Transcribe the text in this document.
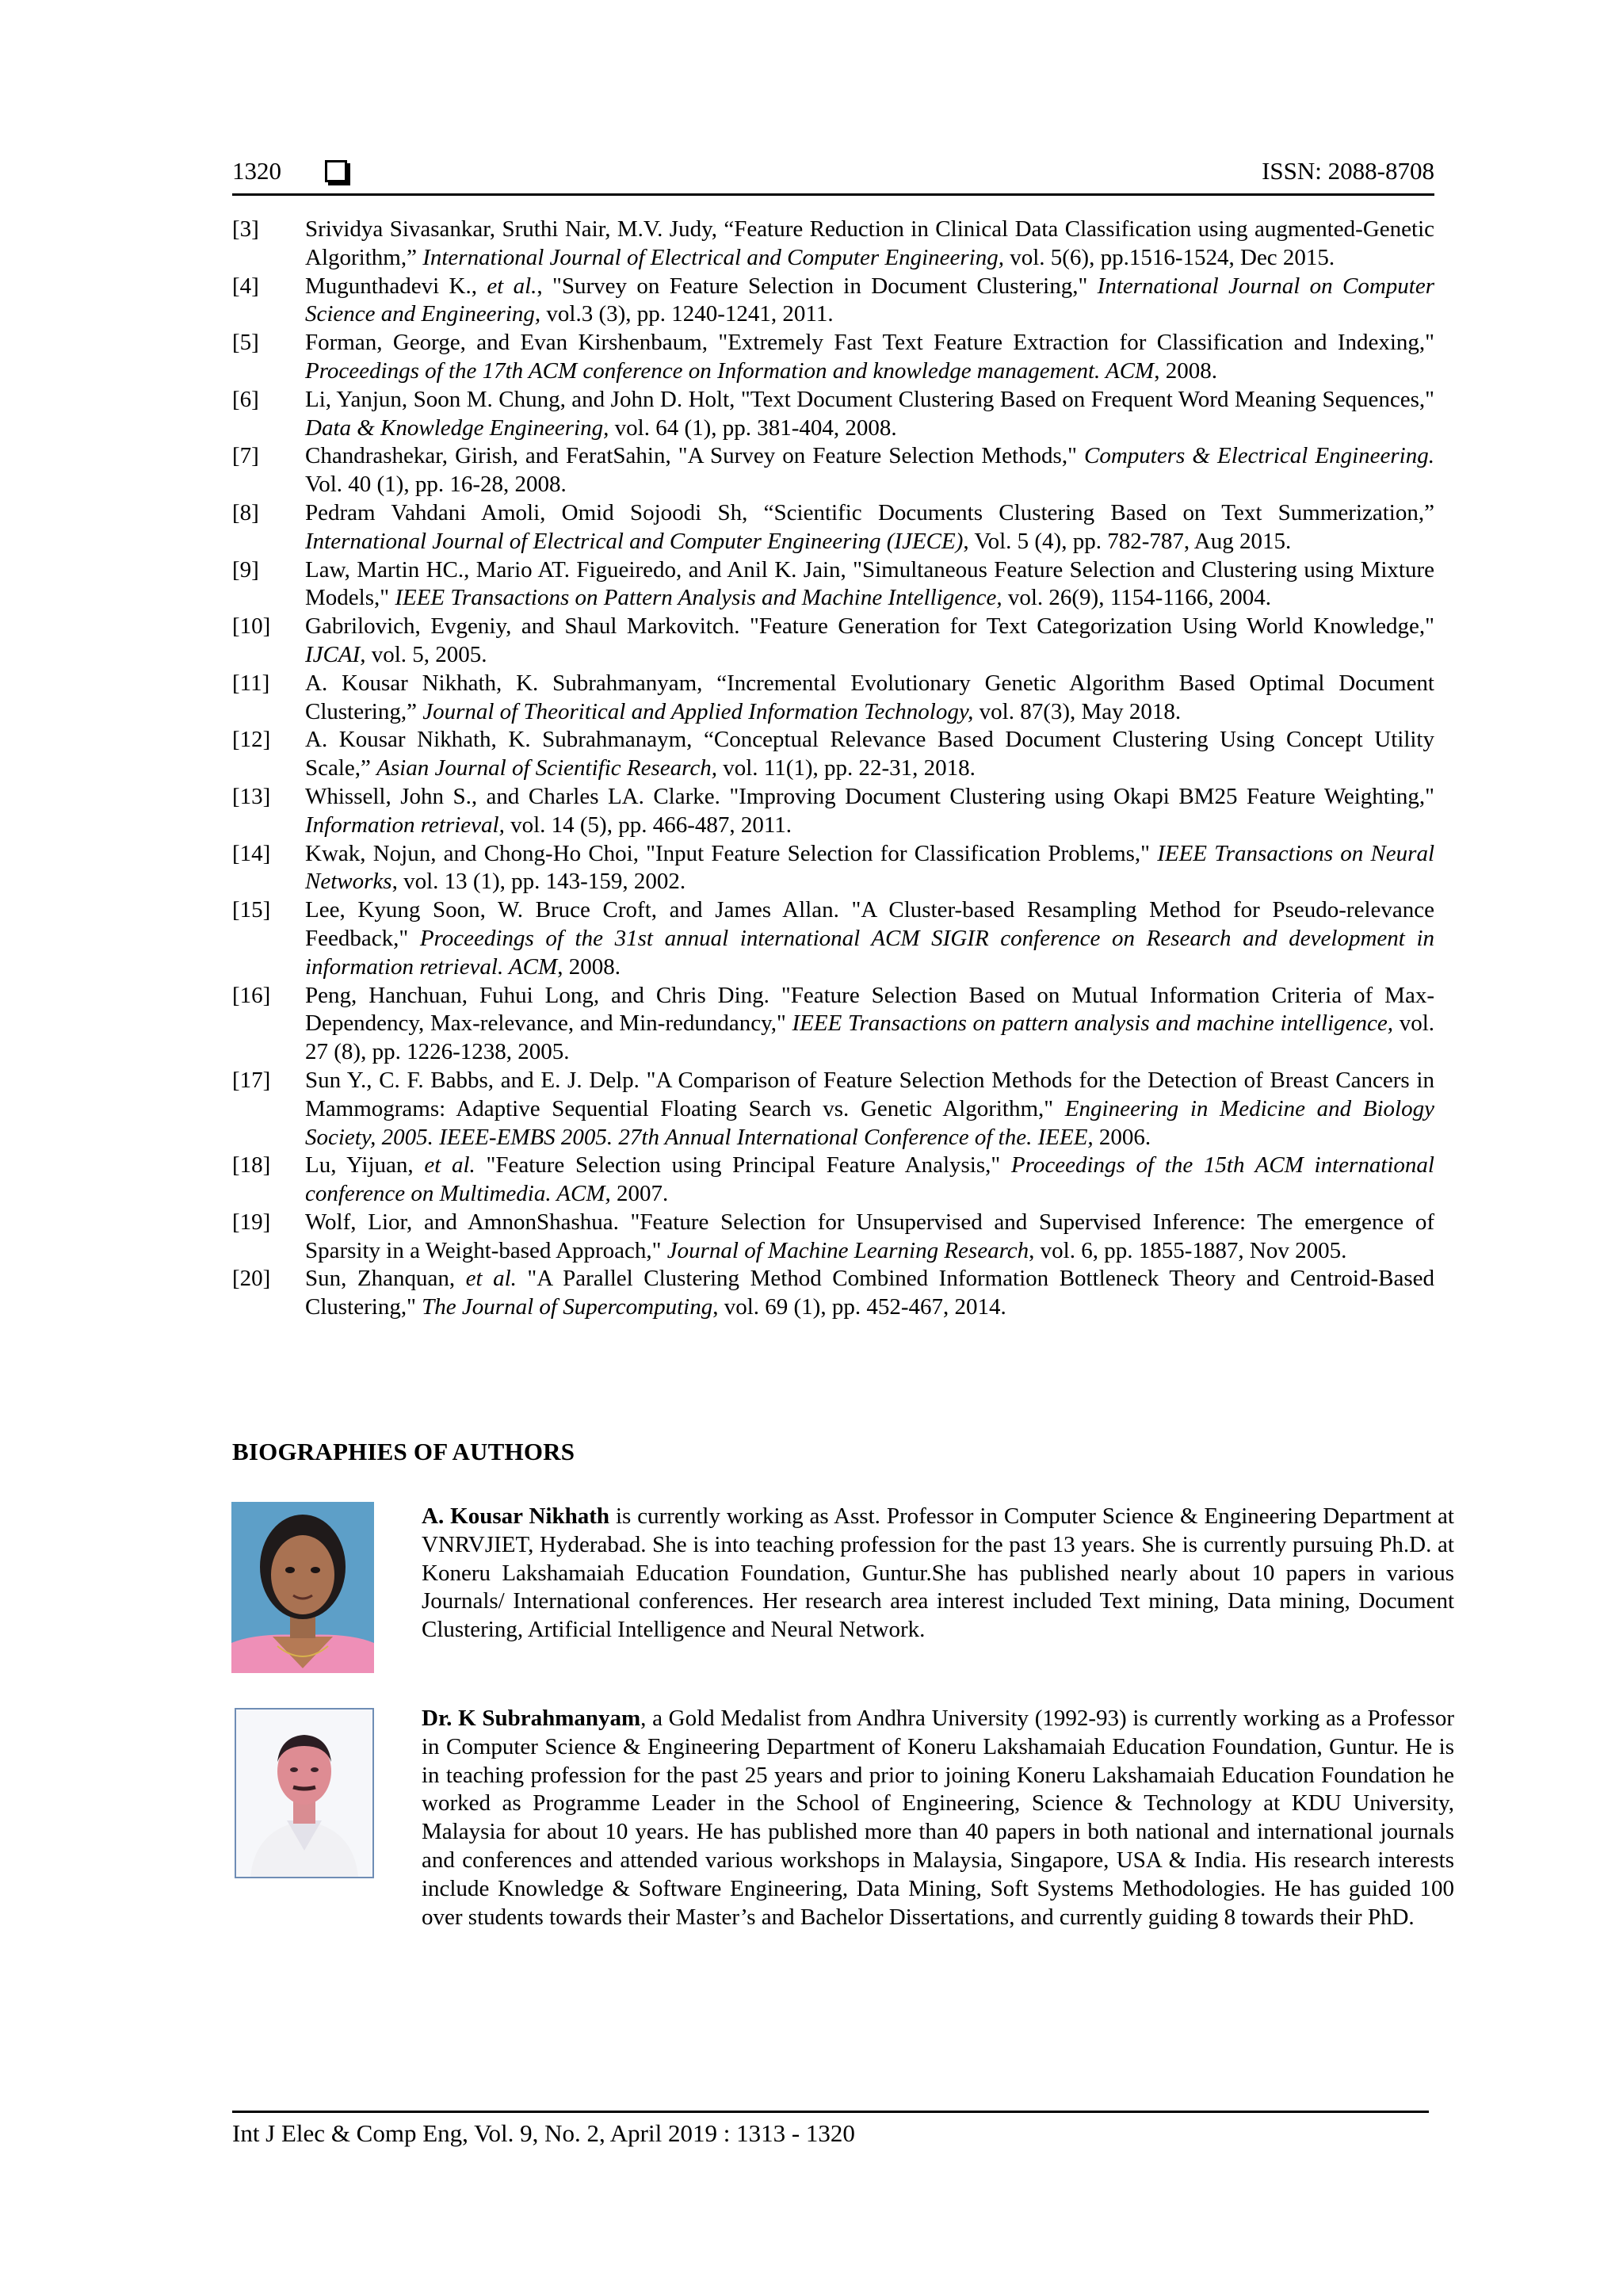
1320	ISSN: 2088-8708
[3] Srividya Sivasankar, Sruthi Nair, M.V. Judy, “Feature Reduction in Clinical Data Classification using augmented-Genetic Algorithm,” International Journal of Electrical and Computer Engineering, vol. 5(6), pp.1516-1524, Dec 2015.
[4] Mugunthadevi K., et al., "Survey on Feature Selection in Document Clustering," International Journal on Computer Science and Engineering, vol.3 (3), pp. 1240-1241, 2011.
[5] Forman, George, and Evan Kirshenbaum, "Extremely Fast Text Feature Extraction for Classification and Indexing," Proceedings of the 17th ACM conference on Information and knowledge management. ACM, 2008.
[6] Li, Yanjun, Soon M. Chung, and John D. Holt, "Text Document Clustering Based on Frequent Word Meaning Sequences," Data & Knowledge Engineering, vol. 64 (1), pp. 381-404, 2008.
[7] Chandrashekar, Girish, and FeratSahin, "A Survey on Feature Selection Methods," Computers & Electrical Engineering. Vol. 40 (1), pp. 16-28, 2008.
[8] Pedram Vahdani Amoli, Omid Sojoodi Sh, “Scientific Documents Clustering Based on Text Summerization,” International Journal of Electrical and Computer Engineering (IJECE), Vol. 5 (4), pp. 782-787, Aug 2015.
[9] Law, Martin HC., Mario AT. Figueiredo, and Anil K. Jain, "Simultaneous Feature Selection and Clustering using Mixture Models," IEEE Transactions on Pattern Analysis and Machine Intelligence, vol. 26(9), 1154-1166, 2004.
[10] Gabrilovich, Evgeniy, and Shaul Markovitch. "Feature Generation for Text Categorization Using World Knowledge," IJCAI, vol. 5, 2005.
[11] A. Kousar Nikhath, K. Subrahmanyam, “Incremental Evolutionary Genetic Algorithm Based Optimal Document Clustering,” Journal of Theoritical and Applied Information Technology, vol. 87(3), May 2018.
[12] A. Kousar Nikhath, K. Subrahmanaym, “Conceptual Relevance Based Document Clustering Using Concept Utility Scale,” Asian Journal of Scientific Research, vol. 11(1), pp. 22-31, 2018.
[13] Whissell, John S., and Charles LA. Clarke. "Improving Document Clustering using Okapi BM25 Feature Weighting," Information retrieval, vol. 14 (5), pp. 466-487, 2011.
[14] Kwak, Nojun, and Chong-Ho Choi, "Input Feature Selection for Classification Problems," IEEE Transactions on Neural Networks, vol. 13 (1), pp. 143-159, 2002.
[15] Lee, Kyung Soon, W. Bruce Croft, and James Allan. "A Cluster-based Resampling Method for Pseudo-relevance Feedback," Proceedings of the 31st annual international ACM SIGIR conference on Research and development in information retrieval. ACM, 2008.
[16] Peng, Hanchuan, Fuhui Long, and Chris Ding. "Feature Selection Based on Mutual Information Criteria of Max-Dependency, Max-relevance, and Min-redundancy," IEEE Transactions on pattern analysis and machine intelligence, vol. 27 (8), pp. 1226-1238, 2005.
[17] Sun Y., C. F. Babbs, and E. J. Delp. "A Comparison of Feature Selection Methods for the Detection of Breast Cancers in Mammograms: Adaptive Sequential Floating Search vs. Genetic Algorithm," Engineering in Medicine and Biology Society, 2005. IEEE-EMBS 2005. 27th Annual International Conference of the. IEEE, 2006.
[18] Lu, Yijuan, et al. "Feature Selection using Principal Feature Analysis," Proceedings of the 15th ACM international conference on Multimedia. ACM, 2007.
[19] Wolf, Lior, and AmnonShashua. "Feature Selection for Unsupervised and Supervised Inference: The emergence of Sparsity in a Weight-based Approach," Journal of Machine Learning Research, vol. 6, pp. 1855-1887, Nov 2005.
[20] Sun, Zhanquan, et al. "A Parallel Clustering Method Combined Information Bottleneck Theory and Centroid-Based Clustering," The Journal of Supercomputing, vol. 69 (1), pp. 452-467, 2014.
BIOGRAPHIES OF AUTHORS
A. Kousar Nikhath is currently working as Asst. Professor in Computer Science & Engineering Department at VNRVJIET, Hyderabad. She is into teaching profession for the past 13 years. She is currently pursuing Ph.D. at Koneru Lakshamaiah Education Foundation, Guntur.She has published nearly about 10 papers in various Journals/ International conferences. Her research area interest included Text mining, Data mining, Document Clustering, Artificial Intelligence and Neural Network.
Dr. K Subrahmanyam, a Gold Medalist from Andhra University (1992-93) is currently working as a Professor in Computer Science & Engineering Department of Koneru Lakshamaiah Education Foundation, Guntur. He is in teaching profession for the past 25 years and prior to joining Koneru Lakshamaiah Education Foundation he worked as Programme Leader in the School of Engineering, Science & Technology at KDU University, Malaysia for about 10 years. He has published more than 40 papers in both national and international journals and conferences and attended various workshops in Malaysia, Singapore, USA & India. His research interests include Knowledge & Software Engineering, Data Mining, Soft Systems Methodologies. He has guided 100 over students towards their Master’s and Bachelor Dissertations, and currently guiding 8 towards their PhD.
Int J Elec & Comp Eng, Vol. 9, No. 2, April 2019 : 1313 - 1320
